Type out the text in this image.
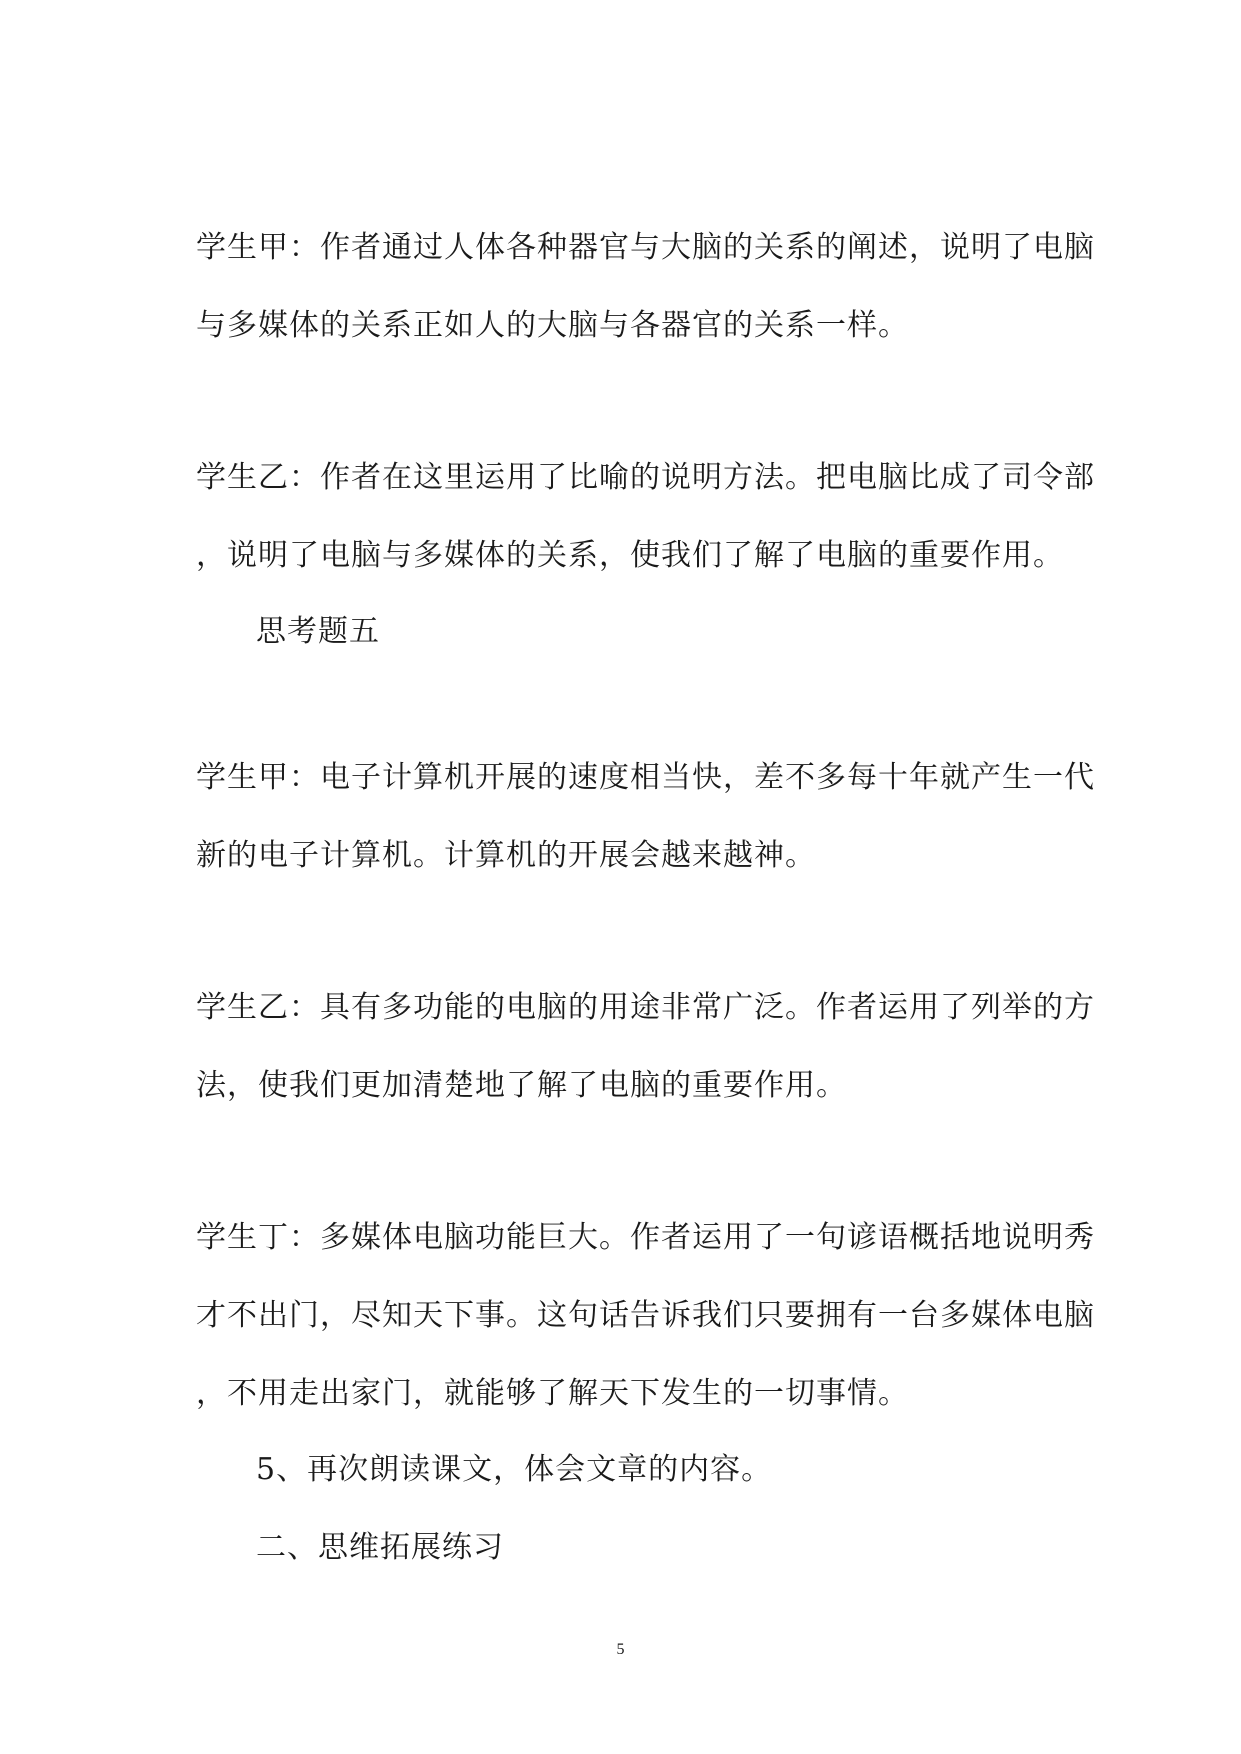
学生甲：作者通过人体各种器官与大脑的关系的阐述，说明了电脑
与多媒体的关系正如人的大脑与各器官的关系一样。
学生乙：作者在这里运用了比喻的说明方法。把电脑比成了司令部
，说明了电脑与多媒体的关系，使我们了解了电脑的重要作用。
思考题五
学生甲：电子计算机开展的速度相当快，差不多每十年就产生一代
新的电子计算机。计算机的开展会越来越神。
学生乙：具有多功能的电脑的用途非常广泛。作者运用了列举的方
法，使我们更加清楚地了解了电脑的重要作用。
学生丁：多媒体电脑功能巨大。作者运用了一句谚语概括地说明秀
才不出门，尽知天下事。这句话告诉我们只要拥有一台多媒体电脑
，不用走出家门，就能够了解天下发生的一切事情。
5、再次朗读课文，体会文章的内容。
二、思维拓展练习
5
